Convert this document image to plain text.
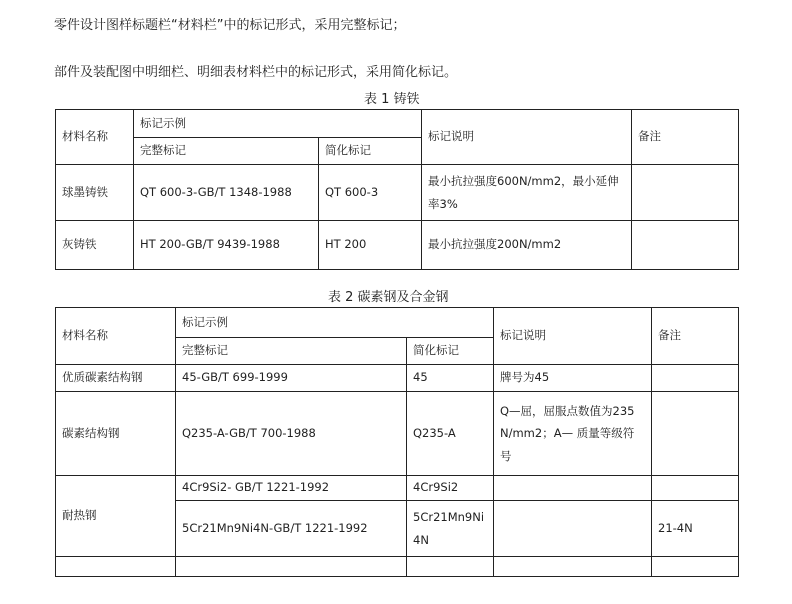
零件设计图样标题栏“材料栏”中的标记形式，采用完整标记；
部件及装配图中明细栏、明细表材料栏中的标记形式，采用简化标记。
表 1 铸铁
材料名称	标记示例		标记说明	备注
	完整标记	简化标记		
球墨铸铁	QT 600-3-GB/T 1348-1988	QT 600-3	最小抗拉强度600N/mm2，最小延伸率3%	
灰铸铁	HT 200-GB/T 9439-1988	HT 200	最小抗拉强度200N/mm2	
表 2 碳素钢及合金钢
材料名称	标记示例		标记说明	备注
	完整标记	简化标记		
优质碳素结构钢	45-GB/T 699-1999	45	牌号为45	
碳素结构钢	Q235-A-GB/T 700-1988	Q235-A	Q—屈，屈服点数值为235 N/mm2；A— 质量等级符号	
耐热钢	4Cr9Si2- GB/T 1221-1992	4Cr9Si2		
	5Cr21Mn9Ni4N-GB/T 1221-1992	5Cr21Mn9Ni4N		21-4N
